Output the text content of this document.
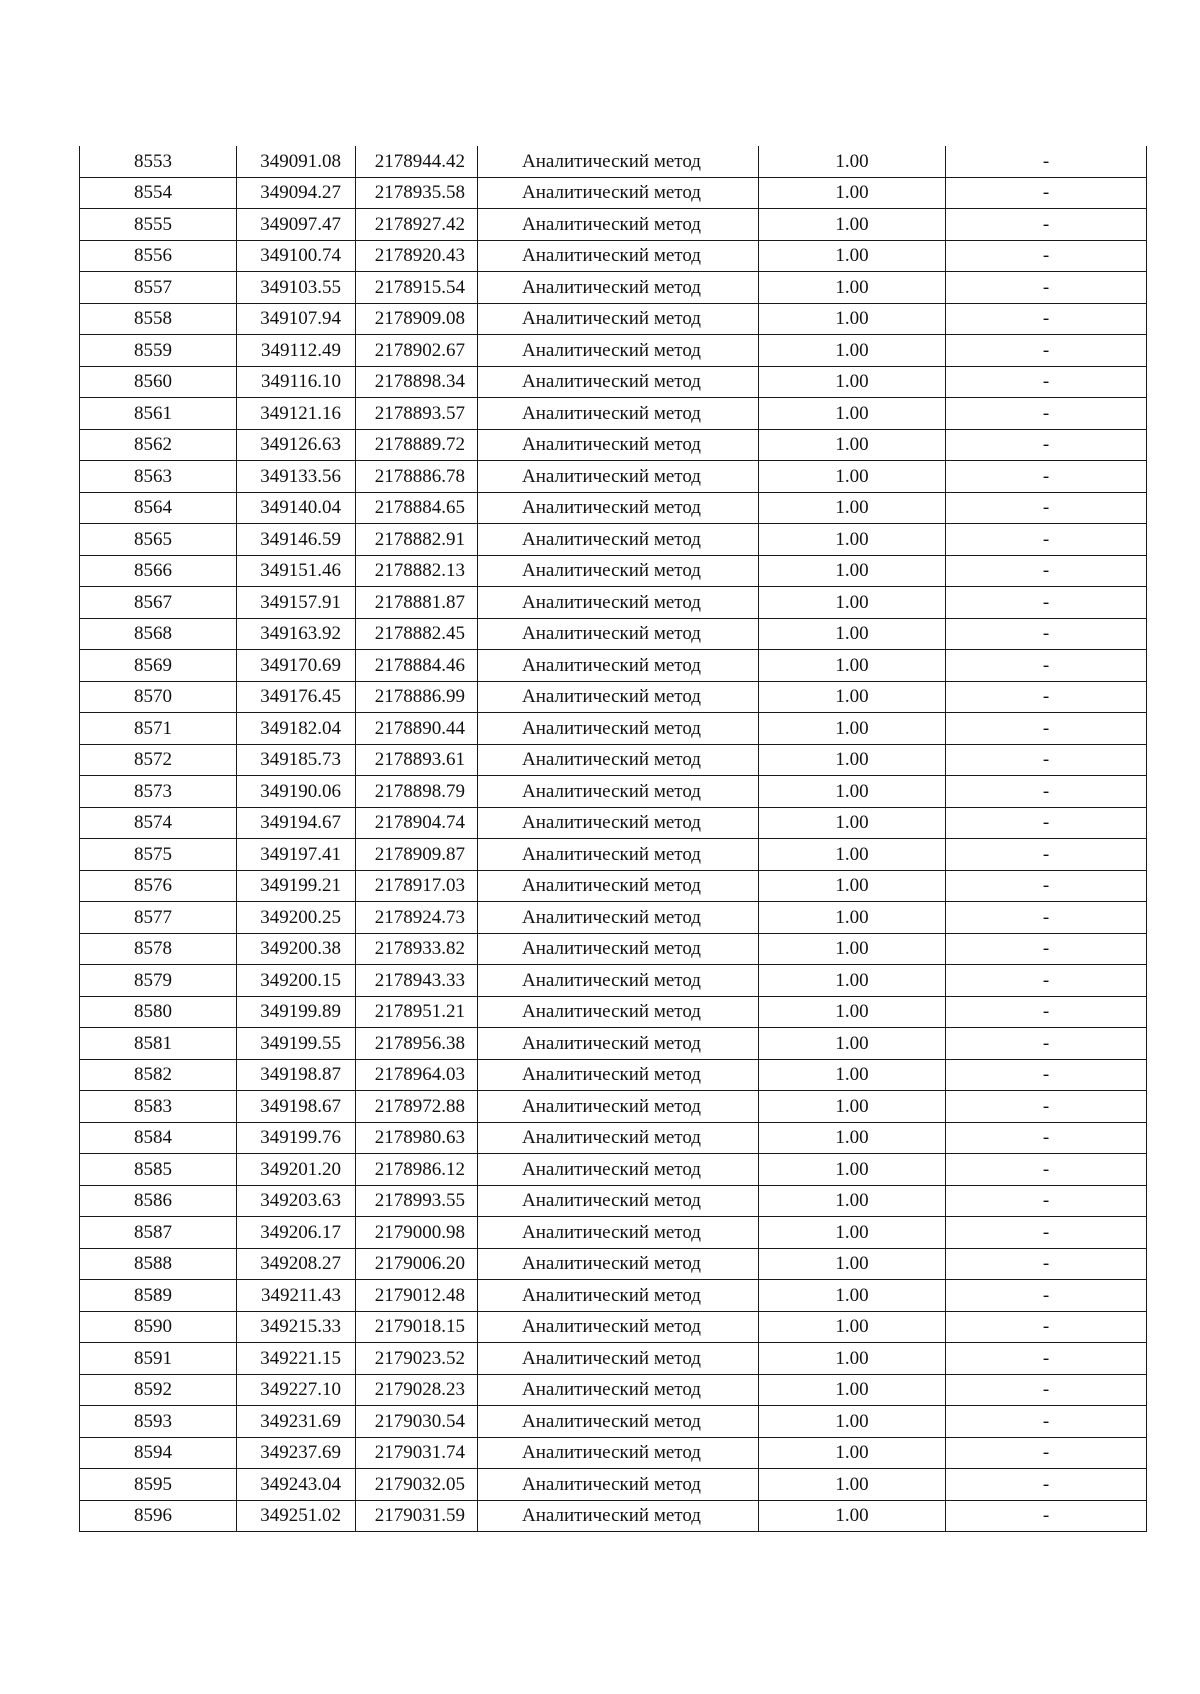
8553	349091.08	2178944.42	Аналитический метод	1.00	-
8554	349094.27	2178935.58	Аналитический метод	1.00	-
8555	349097.47	2178927.42	Аналитический метод	1.00	-
8556	349100.74	2178920.43	Аналитический метод	1.00	-
8557	349103.55	2178915.54	Аналитический метод	1.00	-
8558	349107.94	2178909.08	Аналитический метод	1.00	-
8559	349112.49	2178902.67	Аналитический метод	1.00	-
8560	349116.10	2178898.34	Аналитический метод	1.00	-
8561	349121.16	2178893.57	Аналитический метод	1.00	-
8562	349126.63	2178889.72	Аналитический метод	1.00	-
8563	349133.56	2178886.78	Аналитический метод	1.00	-
8564	349140.04	2178884.65	Аналитический метод	1.00	-
8565	349146.59	2178882.91	Аналитический метод	1.00	-
8566	349151.46	2178882.13	Аналитический метод	1.00	-
8567	349157.91	2178881.87	Аналитический метод	1.00	-
8568	349163.92	2178882.45	Аналитический метод	1.00	-
8569	349170.69	2178884.46	Аналитический метод	1.00	-
8570	349176.45	2178886.99	Аналитический метод	1.00	-
8571	349182.04	2178890.44	Аналитический метод	1.00	-
8572	349185.73	2178893.61	Аналитический метод	1.00	-
8573	349190.06	2178898.79	Аналитический метод	1.00	-
8574	349194.67	2178904.74	Аналитический метод	1.00	-
8575	349197.41	2178909.87	Аналитический метод	1.00	-
8576	349199.21	2178917.03	Аналитический метод	1.00	-
8577	349200.25	2178924.73	Аналитический метод	1.00	-
8578	349200.38	2178933.82	Аналитический метод	1.00	-
8579	349200.15	2178943.33	Аналитический метод	1.00	-
8580	349199.89	2178951.21	Аналитический метод	1.00	-
8581	349199.55	2178956.38	Аналитический метод	1.00	-
8582	349198.87	2178964.03	Аналитический метод	1.00	-
8583	349198.67	2178972.88	Аналитический метод	1.00	-
8584	349199.76	2178980.63	Аналитический метод	1.00	-
8585	349201.20	2178986.12	Аналитический метод	1.00	-
8586	349203.63	2178993.55	Аналитический метод	1.00	-
8587	349206.17	2179000.98	Аналитический метод	1.00	-
8588	349208.27	2179006.20	Аналитический метод	1.00	-
8589	349211.43	2179012.48	Аналитический метод	1.00	-
8590	349215.33	2179018.15	Аналитический метод	1.00	-
8591	349221.15	2179023.52	Аналитический метод	1.00	-
8592	349227.10	2179028.23	Аналитический метод	1.00	-
8593	349231.69	2179030.54	Аналитический метод	1.00	-
8594	349237.69	2179031.74	Аналитический метод	1.00	-
8595	349243.04	2179032.05	Аналитический метод	1.00	-
8596	349251.02	2179031.59	Аналитический метод	1.00	-
